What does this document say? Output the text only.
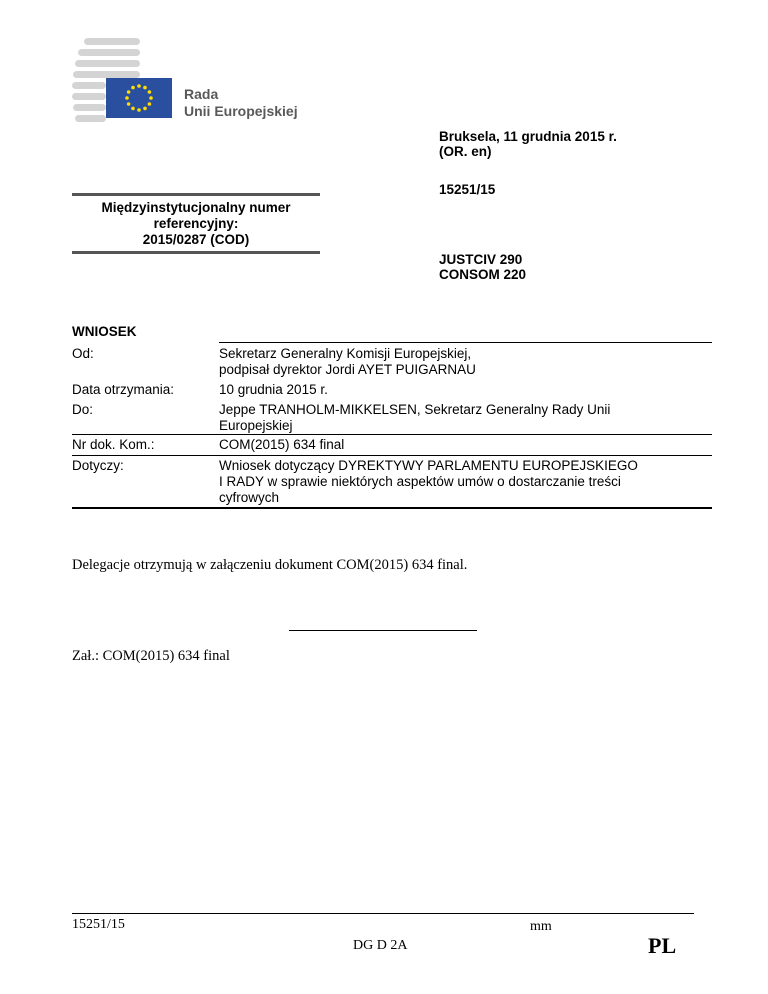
Rada
Unii Europejskiej
Bruksela, 11 grudnia 2015 r.
(OR. en)
15251/15
JUSTCIV 290
CONSOM 220
Międzyinstytucjonalny numer
referencyjny:
2015/0287 (COD)
WNIOSEK
Od:	Sekretarz Generalny Komisji Europejskiej,
podpisał dyrektor Jordi AYET PUIGARNAU
Data otrzymania:	10 grudnia 2015 r.
Do:	Jeppe TRANHOLM-MIKKELSEN, Sekretarz Generalny Rady Unii
Europejskiej
Nr dok. Kom.:	COM(2015) 634 final
Dotyczy:	Wniosek dotyczący DYREKTYWY PARLAMENTU EUROPEJSKIEGO
I RADY w sprawie niektórych aspektów umów o dostarczanie treści
cyfrowych
Delegacje otrzymują w załączeniu dokument COM(2015) 634 final.
Zał.: COM(2015) 634 final
15251/15	mm
DG D 2A	PL
